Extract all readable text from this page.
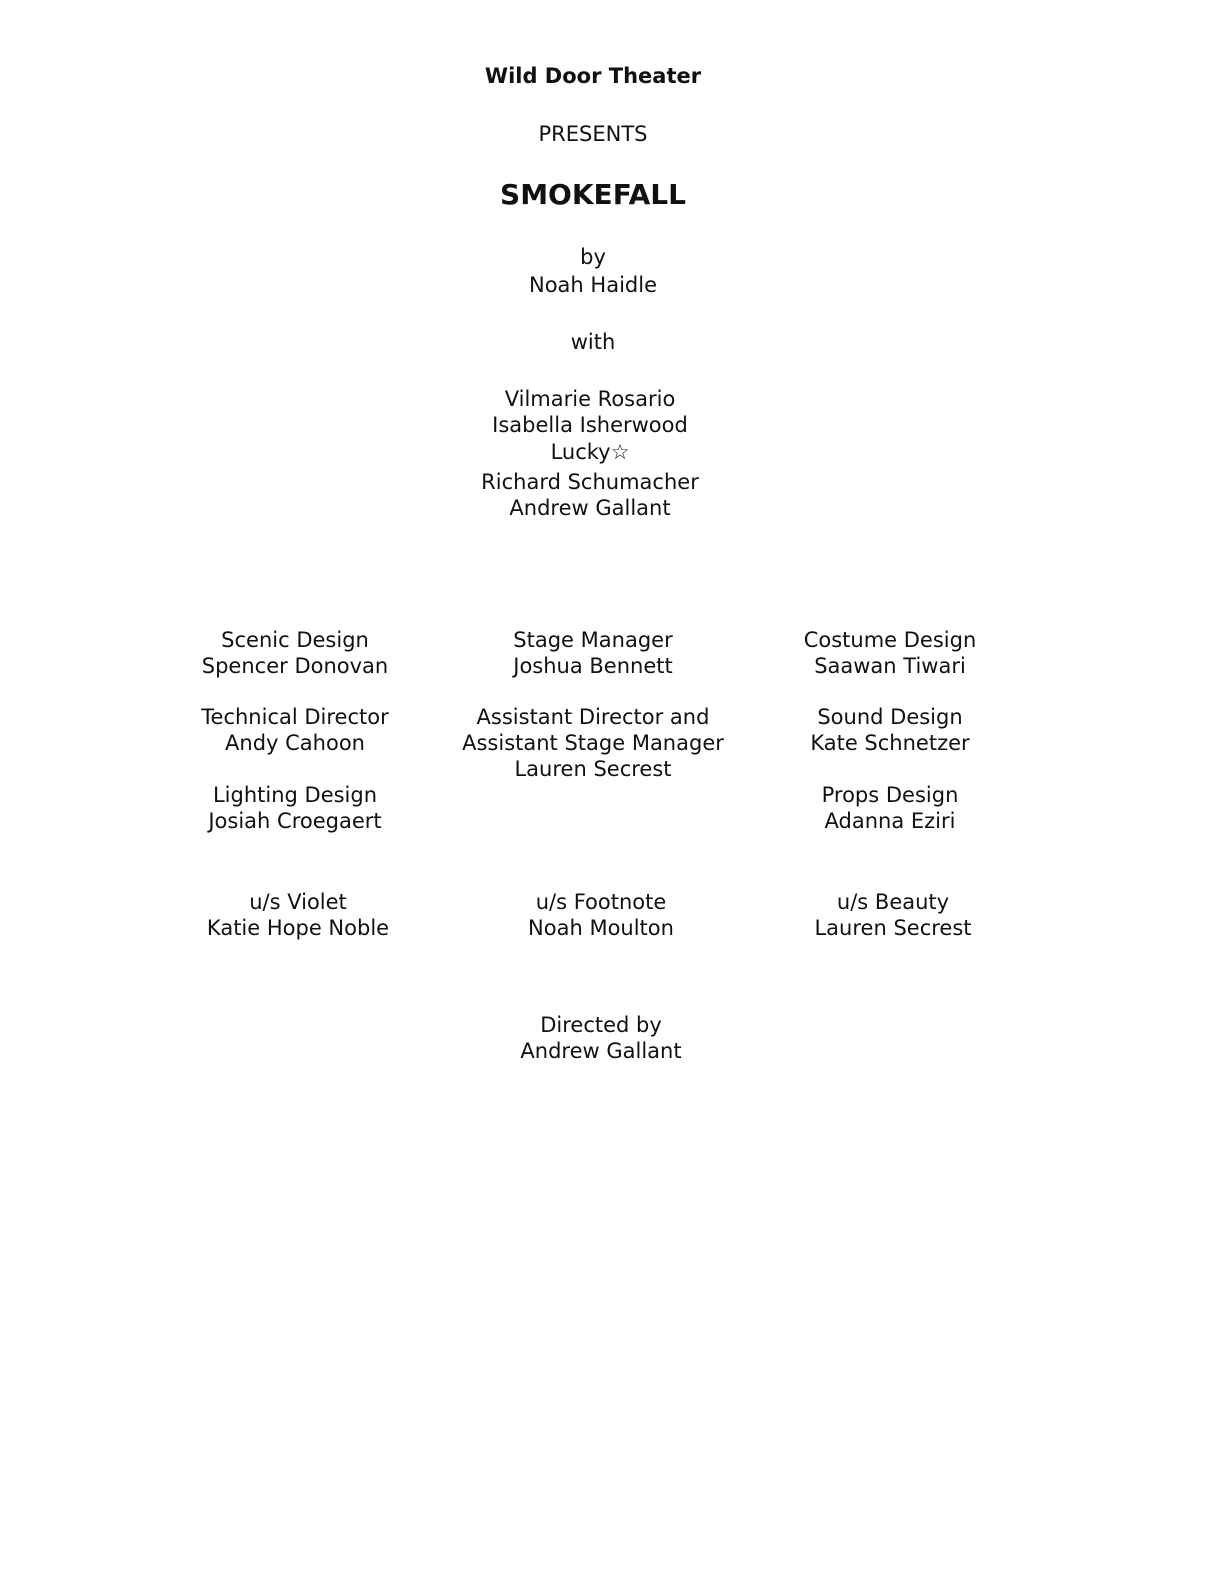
Wild Door Theater
PRESENTS
SMOKEFALL
by
Noah Haidle
with
Vilmarie Rosario
Isabella Isherwood
Lucky☆
Richard Schumacher
Andrew Gallant
Scenic Design
Spencer Donovan
Technical Director
Andy Cahoon
Lighting Design
Josiah Croegaert
Stage Manager
Joshua Bennett
Assistant Director and
Assistant Stage Manager
Lauren Secrest
Costume Design
Saawan Tiwari
Sound Design
Kate Schnetzer
Props Design
Adanna Eziri
u/s Violet
Katie Hope Noble
u/s Footnote
Noah Moulton
u/s Beauty
Lauren Secrest
Directed by
Andrew Gallant
